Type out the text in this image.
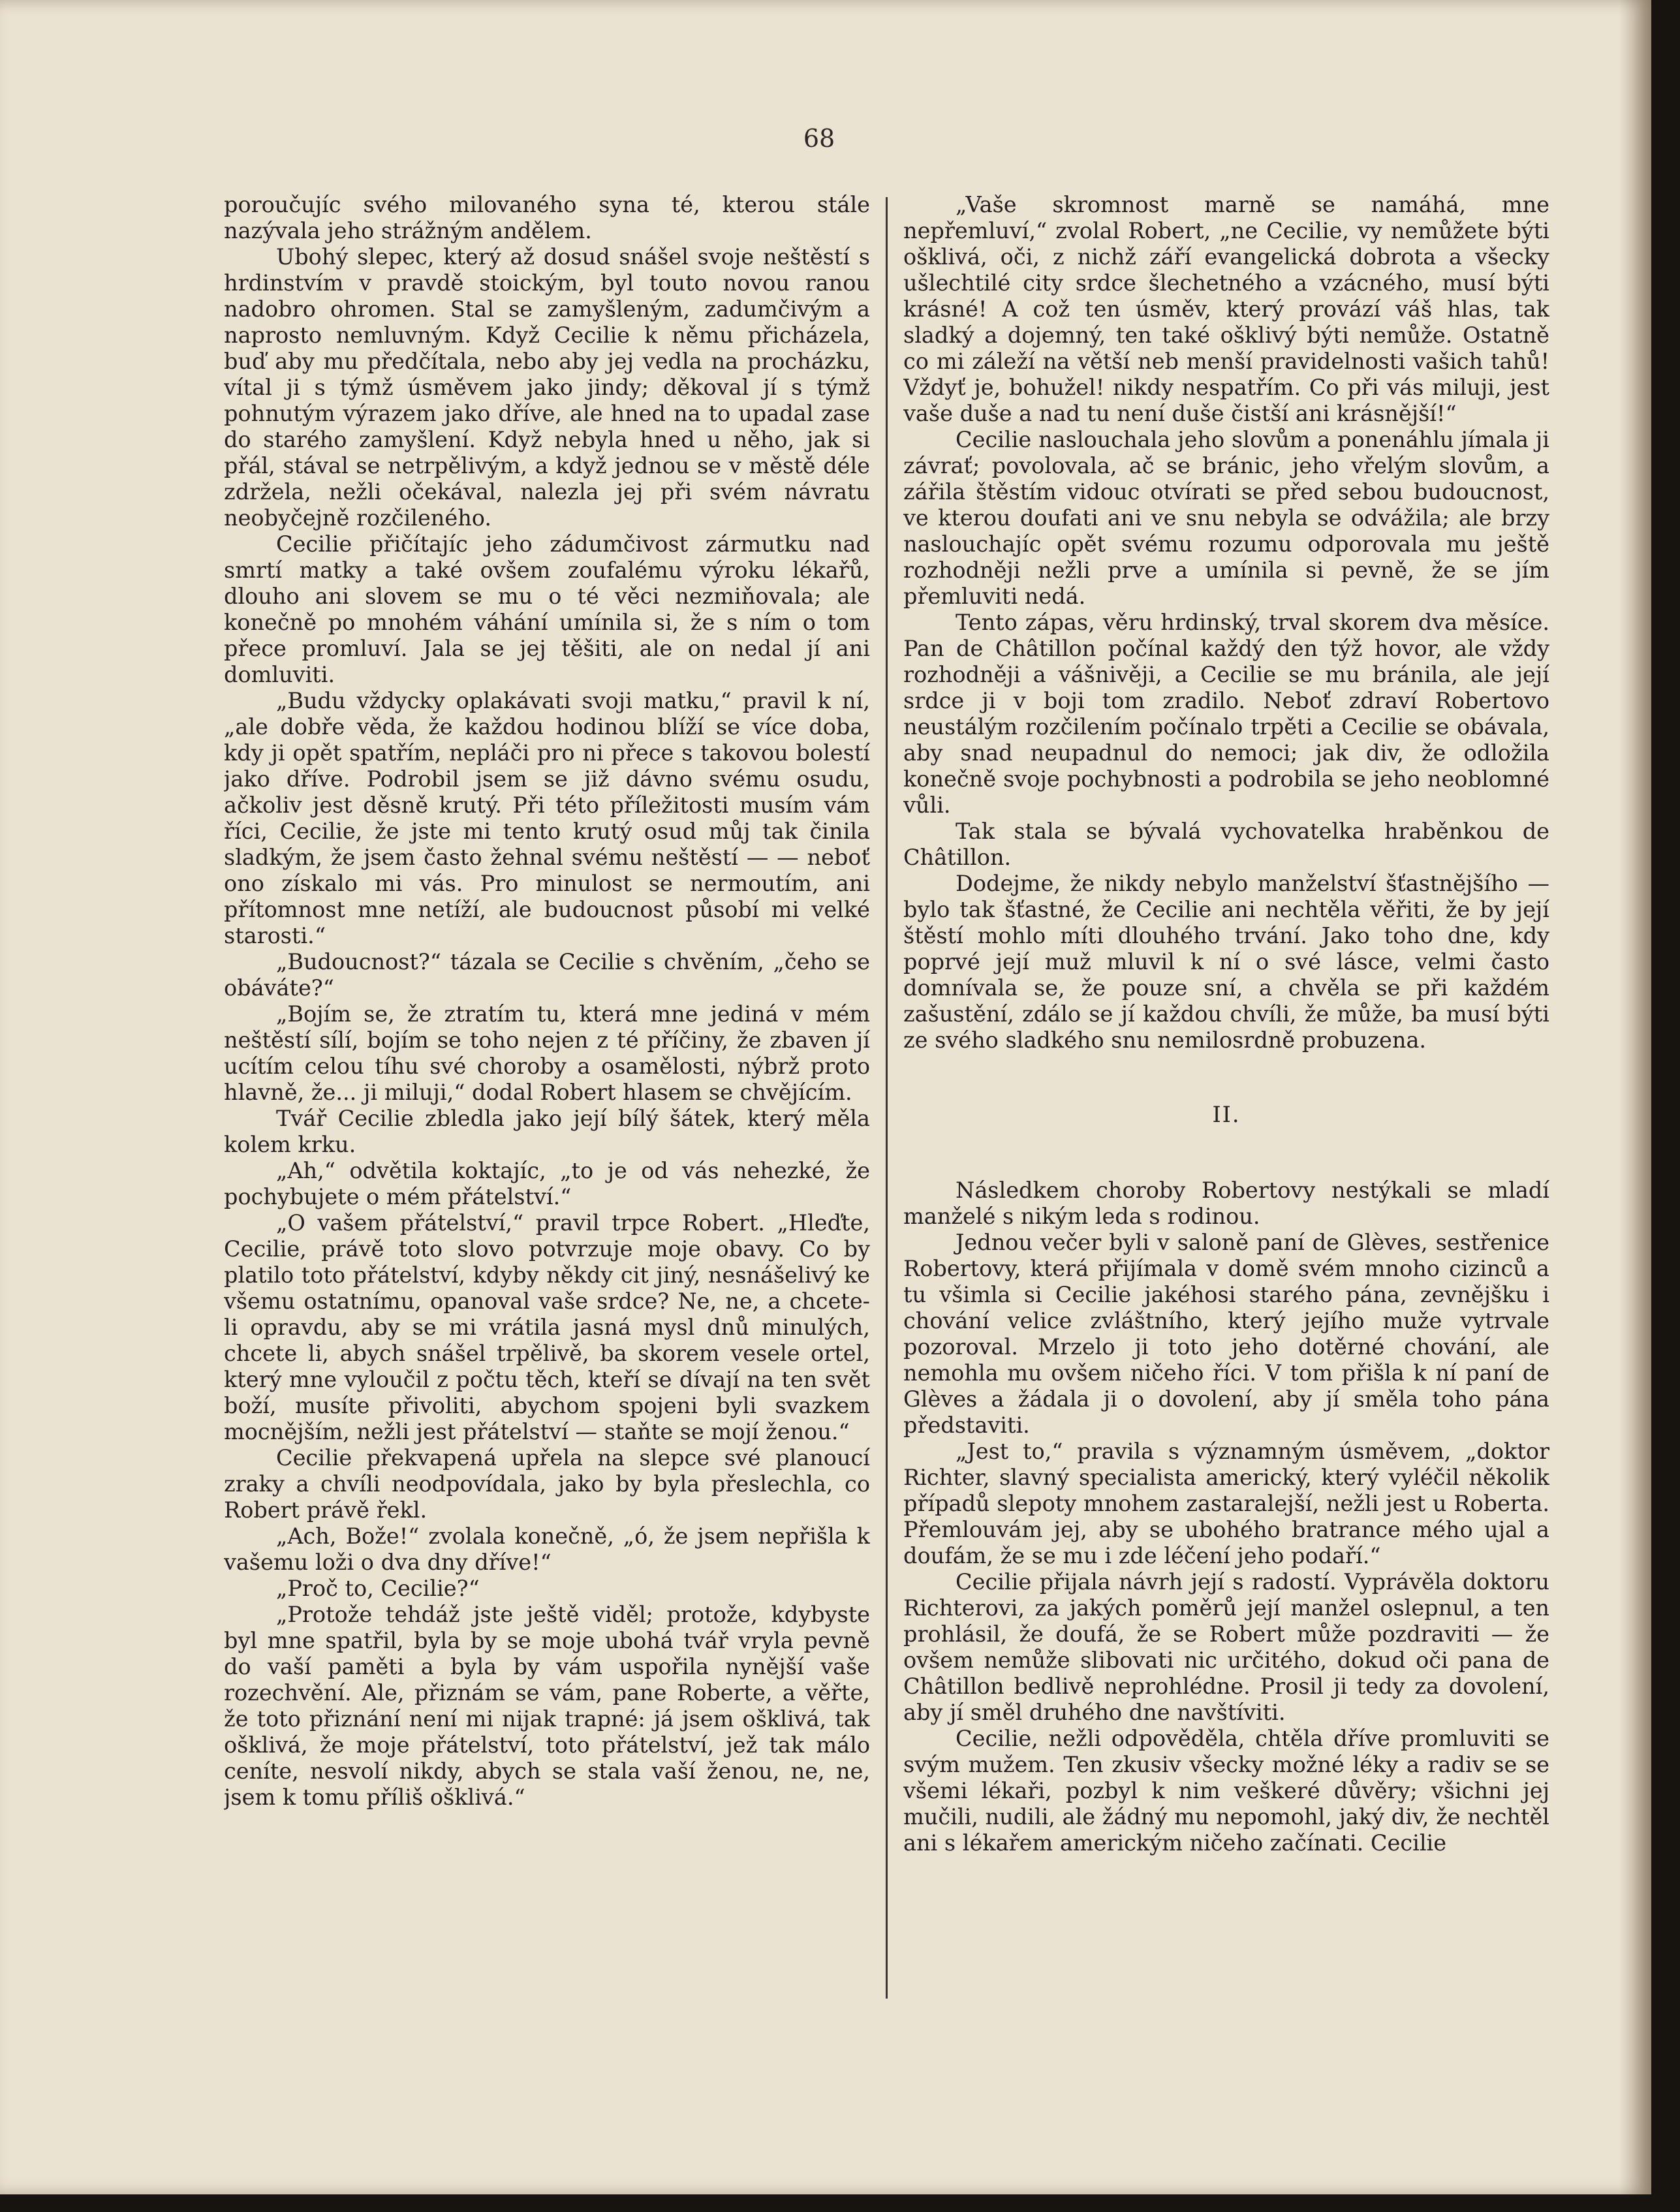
68

poroučujíc svého milovaného syna té, kterou stále nazývala jeho strážným andělem.

Ubohý slepec, který až dosud snášel svoje neštěstí s hrdinstvím v pravdě stoickým, byl touto novou ranou nadobro ohromen. Stal se zamyšleným, zadumčivým a naprosto nemluvným. Když Cecilie k němu přicházela, buď aby mu předčítala, nebo aby jej vedla na procházku, vítal ji s týmž úsměvem jako jindy; děkoval jí s týmž pohnutým výrazem jako dříve, ale hned na to upadal zase do starého zamyšlení. Když nebyla hned u něho, jak si přál, stával se netrpělivým, a když jednou se v městě déle zdržela, nežli očekával, nalezla jej při svém návratu neobyčejně rozčileného.

Cecilie přičítajíc jeho zádumčivost zármutku nad smrtí matky a také ovšem zoufalému výroku lékařů, dlouho ani slovem se mu o té věci nezmiňovala; ale konečně po mnohém váhání umínila si, že s ním o tom přece promluví. Jala se jej těšiti, ale on nedal jí ani domluviti.

„Budu vždycky oplakávati svoji matku,“ pravil k ní, „ale dobře věda, že každou hodinou blíží se více doba, kdy ji opět spatřím, nepláči pro ni přece s takovou bolestí jako dříve. Podrobil jsem se již dávno svému osudu, ačkoliv jest děsně krutý. Při této příležitosti musím vám říci, Cecilie, že jste mi tento krutý osud můj tak činila sladkým, že jsem často žehnal svému neštěstí — — neboť ono získalo mi vás. Pro minulost se nermoutím, ani přítomnost mne netíží, ale budoucnost působí mi velké starosti.“

„Budoucnost?“ tázala se Cecilie s chvěním, „čeho se obáváte?“

„Bojím se, že ztratím tu, která mne jediná v mém neštěstí sílí, bojím se toho nejen z té příčiny, že zbaven jí ucítím celou tíhu své choroby a osamělosti, nýbrž proto hlavně, že... ji miluji,“ dodal Robert hlasem se chvějícím.

Tvář Cecilie zbledla jako její bílý šátek, který měla kolem krku.

„Ah,“ odvětila koktajíc, „to je od vás nehezké, že pochybujete o mém přátelství.“

„O vašem přátelství,“ pravil trpce Robert. „Hleďte, Cecilie, právě toto slovo potvrzuje moje obavy. Co by platilo toto přátelství, kdyby někdy cit jiný, nesnášelivý ke všemu ostatnímu, opanoval vaše srdce? Ne, ne, a chcete-li opravdu, aby se mi vrátila jasná mysl dnů minulých, chcete li, abych snášel trpělivě, ba skorem vesele ortel, který mne vyloučil z počtu těch, kteří se dívají na ten svět boží, musíte přivoliti, abychom spojeni byli svazkem mocnějším, nežli jest přátelství — staňte se mojí ženou.“

Cecilie překvapená upřela na slepce své planoucí zraky a chvíli neodpovídala, jako by byla přeslechla, co Robert právě řekl.

„Ach, Bože!“ zvolala konečně, „ó, že jsem nepřišla k vašemu loži o dva dny dříve!“

„Proč to, Cecilie?“

„Protože tehdáž jste ještě viděl; protože, kdybyste byl mne spatřil, byla by se moje ubohá tvář vryla pevně do vaší paměti a byla by vám uspořila nynější vaše rozechvění. Ale, přiznám se vám, pane Roberte, a věřte, že toto přiznání není mi nijak trapné: já jsem ošklivá, tak ošklivá, že moje přátelství, toto přátelství, jež tak málo ceníte, nesvolí nikdy, abych se stala vaší ženou, ne, ne, jsem k tomu příliš ošklivá.“

„Vaše skromnost marně se namáhá, mne nepřemluví,“ zvolal Robert, „ne Cecilie, vy nemůžete býti ošklivá, oči, z nichž září evangelická dobrota a všecky ušlechtilé city srdce šlechetného a vzácného, musí býti krásné! A což ten úsměv, který provází váš hlas, tak sladký a dojemný, ten také ošklivý býti nemůže. Ostatně co mi záleží na větší neb menší pravidelnosti vašich tahů! Vždyť je, bohužel! nikdy nespatřím. Co při vás miluji, jest vaše duše a nad tu není duše čistší ani krásnější!“

Cecilie naslouchala jeho slovům a ponenáhlu jímala ji závrať; povolovala, ač se bránic, jeho vřelým slovům, a zářila štěstím vidouc otvírati se před sebou budoucnost, ve kterou doufati ani ve snu nebyla se odvážila; ale brzy naslouchajíc opět svému rozumu odporovala mu ještě rozhodněji nežli prve a umínila si pevně, že se jím přemluviti nedá.

Tento zápas, věru hrdinský, trval skorem dva měsíce. Pan de Châtillon počínal každý den týž hovor, ale vždy rozhodněji a vášnivěji, a Cecilie se mu bránila, ale její srdce ji v boji tom zradilo. Neboť zdraví Robertovo neustálým rozčilením počínalo trpěti a Cecilie se obávala, aby snad neupadnul do nemoci; jak div, že odložila konečně svoje pochybnosti a podrobila se jeho neoblomné vůli.

Tak stala se bývalá vychovatelka hraběnkou de Châtillon.

Dodejme, že nikdy nebylo manželství šťastnějšího — bylo tak šťastné, že Cecilie ani nechtěla věřiti, že by její štěstí mohlo míti dlouhého trvání. Jako toho dne, kdy poprvé její muž mluvil k ní o své lásce, velmi často domnívala se, že pouze sní, a chvěla se při každém zašustění, zdálo se jí každou chvíli, že může, ba musí býti ze svého sladkého snu nemilosrdně probuzena.

II.

Následkem choroby Robertovy nestýkali se mladí manželé s nikým leda s rodinou.

Jednou večer byli v saloně paní de Glèves, sestřenice Robertovy, která přijímala v domě svém mnoho cizinců a tu všimla si Cecilie jakéhosi starého pána, zevnějšku i chování velice zvláštního, který jejího muže vytrvale pozoroval. Mrzelo ji toto jeho dotěrné chování, ale nemohla mu ovšem ničeho říci. V tom přišla k ní paní de Glèves a žádala ji o dovolení, aby jí směla toho pána představiti.

„Jest to,“ pravila s významným úsměvem, „doktor Richter, slavný specialista americký, který vyléčil několik případů slepoty mnohem zastaralejší, nežli jest u Roberta. Přemlouvám jej, aby se ubohého bratrance mého ujal a doufám, že se mu i zde léčení jeho podaří.“

Cecilie přijala návrh její s radostí. Vyprávěla doktoru Richterovi, za jakých poměrů její manžel oslepnul, a ten prohlásil, že doufá, že se Robert může pozdraviti — že ovšem nemůže slibovati nic určitého, dokud oči pana de Châtillon bedlivě neprohlédne. Prosil ji tedy za dovolení, aby jí směl druhého dne navštíviti.

Cecilie, nežli odpověděla, chtěla dříve promluviti se svým mužem. Ten zkusiv všecky možné léky a radiv se se všemi lékaři, pozbyl k nim veškeré důvěry; všichni jej mučili, nudili, ale žádný mu nepomohl, jaký div, že nechtěl ani s lékařem americkým ničeho začínati. Cecilie
